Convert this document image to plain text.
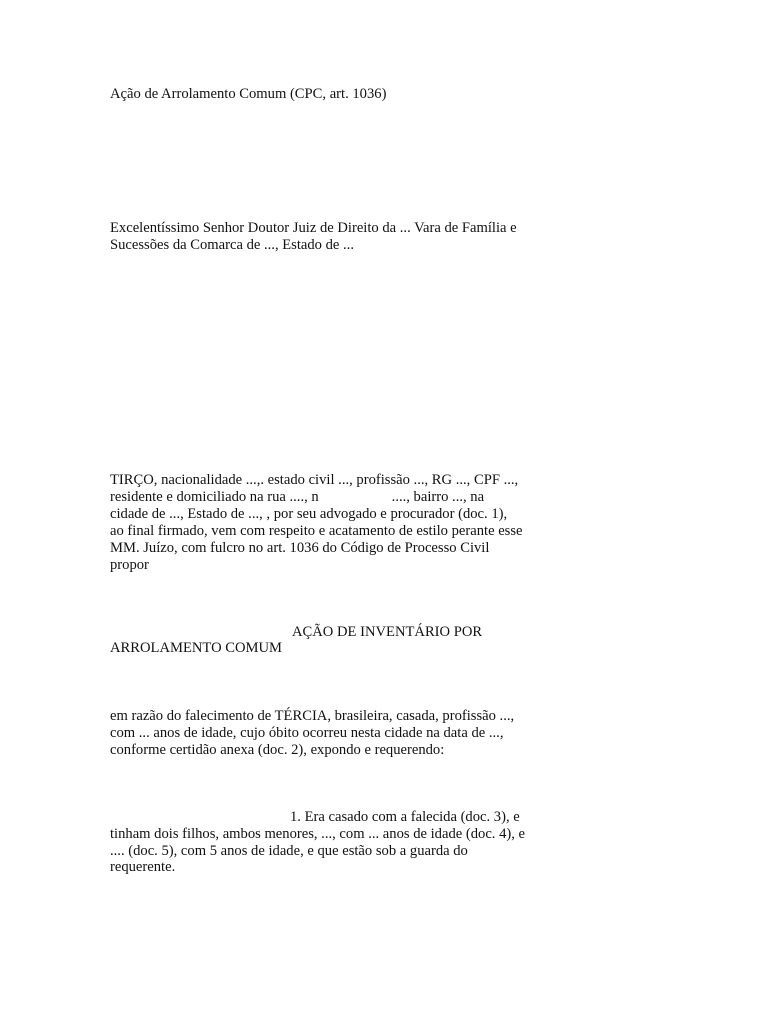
Ação de Arrolamento Comum (CPC, art. 1036)

Excelentíssimo Senhor Doutor Juiz de Direito da ... Vara de Família e

Sucessões da Comarca de ..., Estado de ...

TIRÇO, nacionalidade ...,. estado civil ..., profissão ..., RG ..., CPF ...,

residente e domiciliado na rua ...., n                    ...., bairro ..., na

cidade de ..., Estado de ..., , por seu advogado e procurador (doc. 1),

ao final firmado, vem com respeito e acatamento de estilo perante esse

MM. Juízo, com fulcro no art. 1036 do Código de Processo Civil

propor

AÇÃO DE INVENTÁRIO POR

ARROLAMENTO COMUM

em razão do falecimento de TÉRCIA, brasileira, casada, profissão ...,

com ... anos de idade, cujo óbito ocorreu nesta cidade na data de ...,

conforme certidão anexa (doc. 2), expondo e requerendo:

1. Era casado com a falecida (doc. 3), e

tinham dois filhos, ambos menores, ..., com ... anos de idade (doc. 4), e

.... (doc. 5), com 5 anos de idade, e que estão sob a guarda do

requerente.
